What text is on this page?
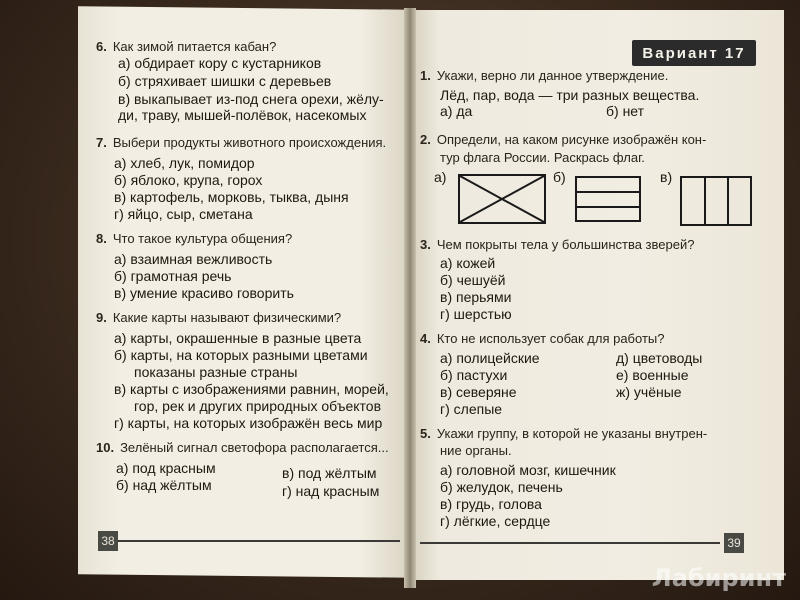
6. Как зимой питается кабан?
а) обдирает кору с кустарников
б) стряхивает шишки с деревьев
в) выкапывает из-под снега орехи, жёлу-
ди, траву, мышей-полёвок, насекомых
7. Выбери продукты животного происхождения.
а) хлеб, лук, помидор
б) яблоко, крупа, горох
в) картофель, морковь, тыква, дыня
г) яйцо, сыр, сметана
8. Что такое культура общения?
а) взаимная вежливость
б) грамотная речь
в) умение красиво говорить
9. Какие карты называют физическими?
а) карты, окрашенные в разные цвета
б) карты, на которых разными цветами
показаны разные страны
в) карты с изображениями равнин, морей,
гор, рек и других природных объектов
г) карты, на которых изображён весь мир
10. Зелёный сигнал светофора располагается...
а) под красным
б) над жёлтым
в) под жёлтым
г) над красным
38
Вариант 17
1. Укажи, верно ли данное утверждение.
Лёд, пар, вода — три разных вещества.
а) да	б) нет
2. Определи, на каком рисунке изображён кон-
тур флага России. Раскрась флаг.
а)	б)	в)
3. Чем покрыты тела у большинства зверей?
а) кожей
б) чешуёй
в) перьями
г) шерстью
4. Кто не использует собак для работы?
а) полицейские
б) пастухи
в) северяне
г) слепые
д) цветоводы
е) военные
ж) учёные
5. Укажи группу, в которой не указаны внутрен-
ние органы.
а) головной мозг, кишечник
б) желудок, печень
в) грудь, голова
г) лёгкие, сердце
39
Лабиринт
